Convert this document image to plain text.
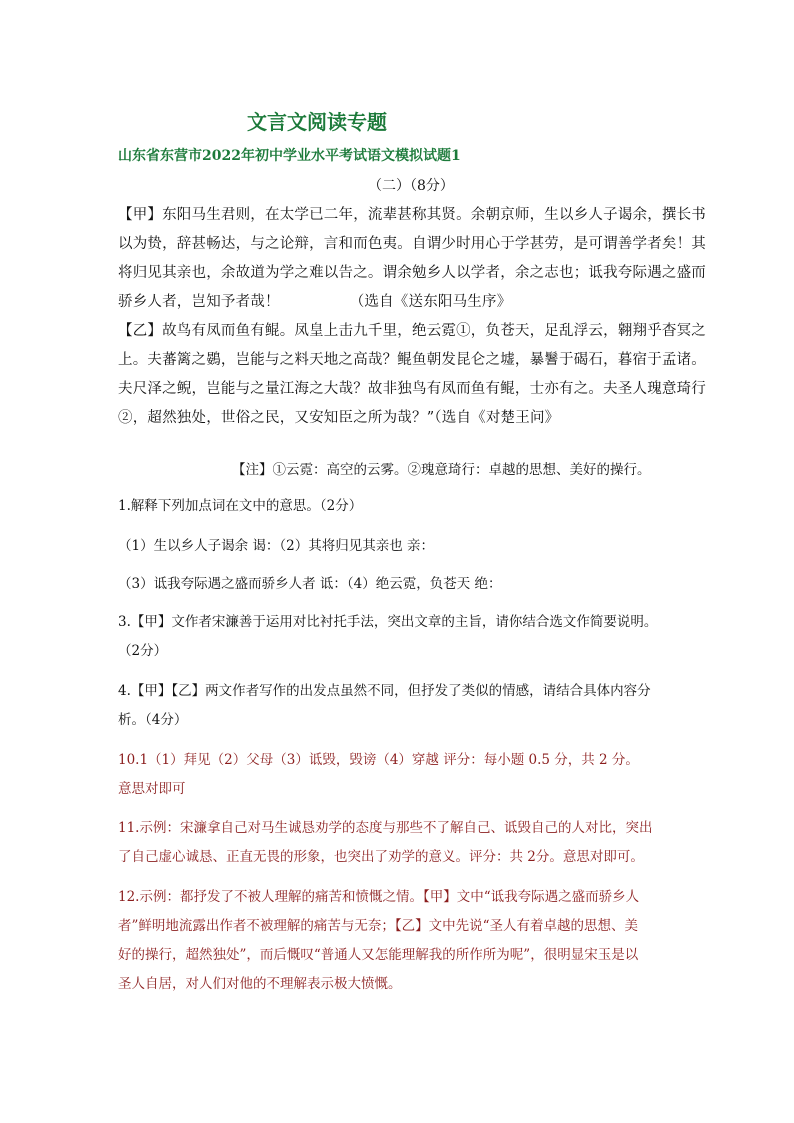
文言文阅读专题
山东省东营市2022年初中学业水平考试语文模拟试题1
（二）（8分）
【甲】东阳马生君则，在太学已二年，流辈甚称其贤。余朝京师，生以乡人子谒余，撰长书
以为贽，辞甚畅达，与之论辩，言和而色夷。自谓少时用心于学甚劳，是可谓善学者矣！其
将归见其亲也，余故道为学之难以告之。谓余勉乡人以学者，余之志也；诋我夸际遇之盛而
骄乡人者，岂知予者哉！	（选自《送东阳马生序》
【乙】故鸟有凤而鱼有鲲。凤皇上击九千里，绝云霓①，负苍天，足乱浮云，翱翔乎杳冥之
上。夫蕃篱之鷃，岂能与之料天地之高哉？鲲鱼朝发昆仑之墟，暴鬐于碣石，暮宿于孟诸。
夫尺泽之鲵，岂能与之量江海之大哉？故非独鸟有凤而鱼有鲲，士亦有之。夫圣人瑰意琦行
②，超然独处，世俗之民，又安知臣之所为哉？”（选自《对楚王问》
【注】①云霓：高空的云雾。②瑰意琦行：卓越的思想、美好的操行。
1.解释下列加点词在文中的意思。（2分）
（1）生以乡人子谒余 谒：（2）其将归见其亲也 亲：
（3）诋我夸际遇之盛而骄乡人者 诋：（4）绝云霓，负苍天 绝：
3.【甲】文作者宋濂善于运用对比衬托手法，突出文章的主旨，请你结合选文作简要说明。
（2分）
4.【甲】【乙】两文作者写作的出发点虽然不同，但抒发了类似的情感，请结合具体内容分
析。（4分）
10.1（1）拜见（2）父母（3）诋毁，毁谤（4）穿越 评分：每小题 0.5 分，共 2 分。
意思对即可
11.示例：宋濂拿自己对马生诚恳劝学的态度与那些不了解自己、诋毁自己的人对比，突出
了自己虚心诚恳、正直无畏的形象，也突出了劝学的意义。评分：共 2分。意思对即可。
12.示例：都抒发了不被人理解的痛苦和愤慨之情。【甲】文中“诋我夸际遇之盛而骄乡人
者”鲜明地流露出作者不被理解的痛苦与无奈；【乙】文中先说“圣人有着卓越的思想、美
好的操行，超然独处”，而后慨叹“普通人又怎能理解我的所作所为呢”，很明显宋玉是以
圣人自居，对人们对他的不理解表示极大愤慨。
